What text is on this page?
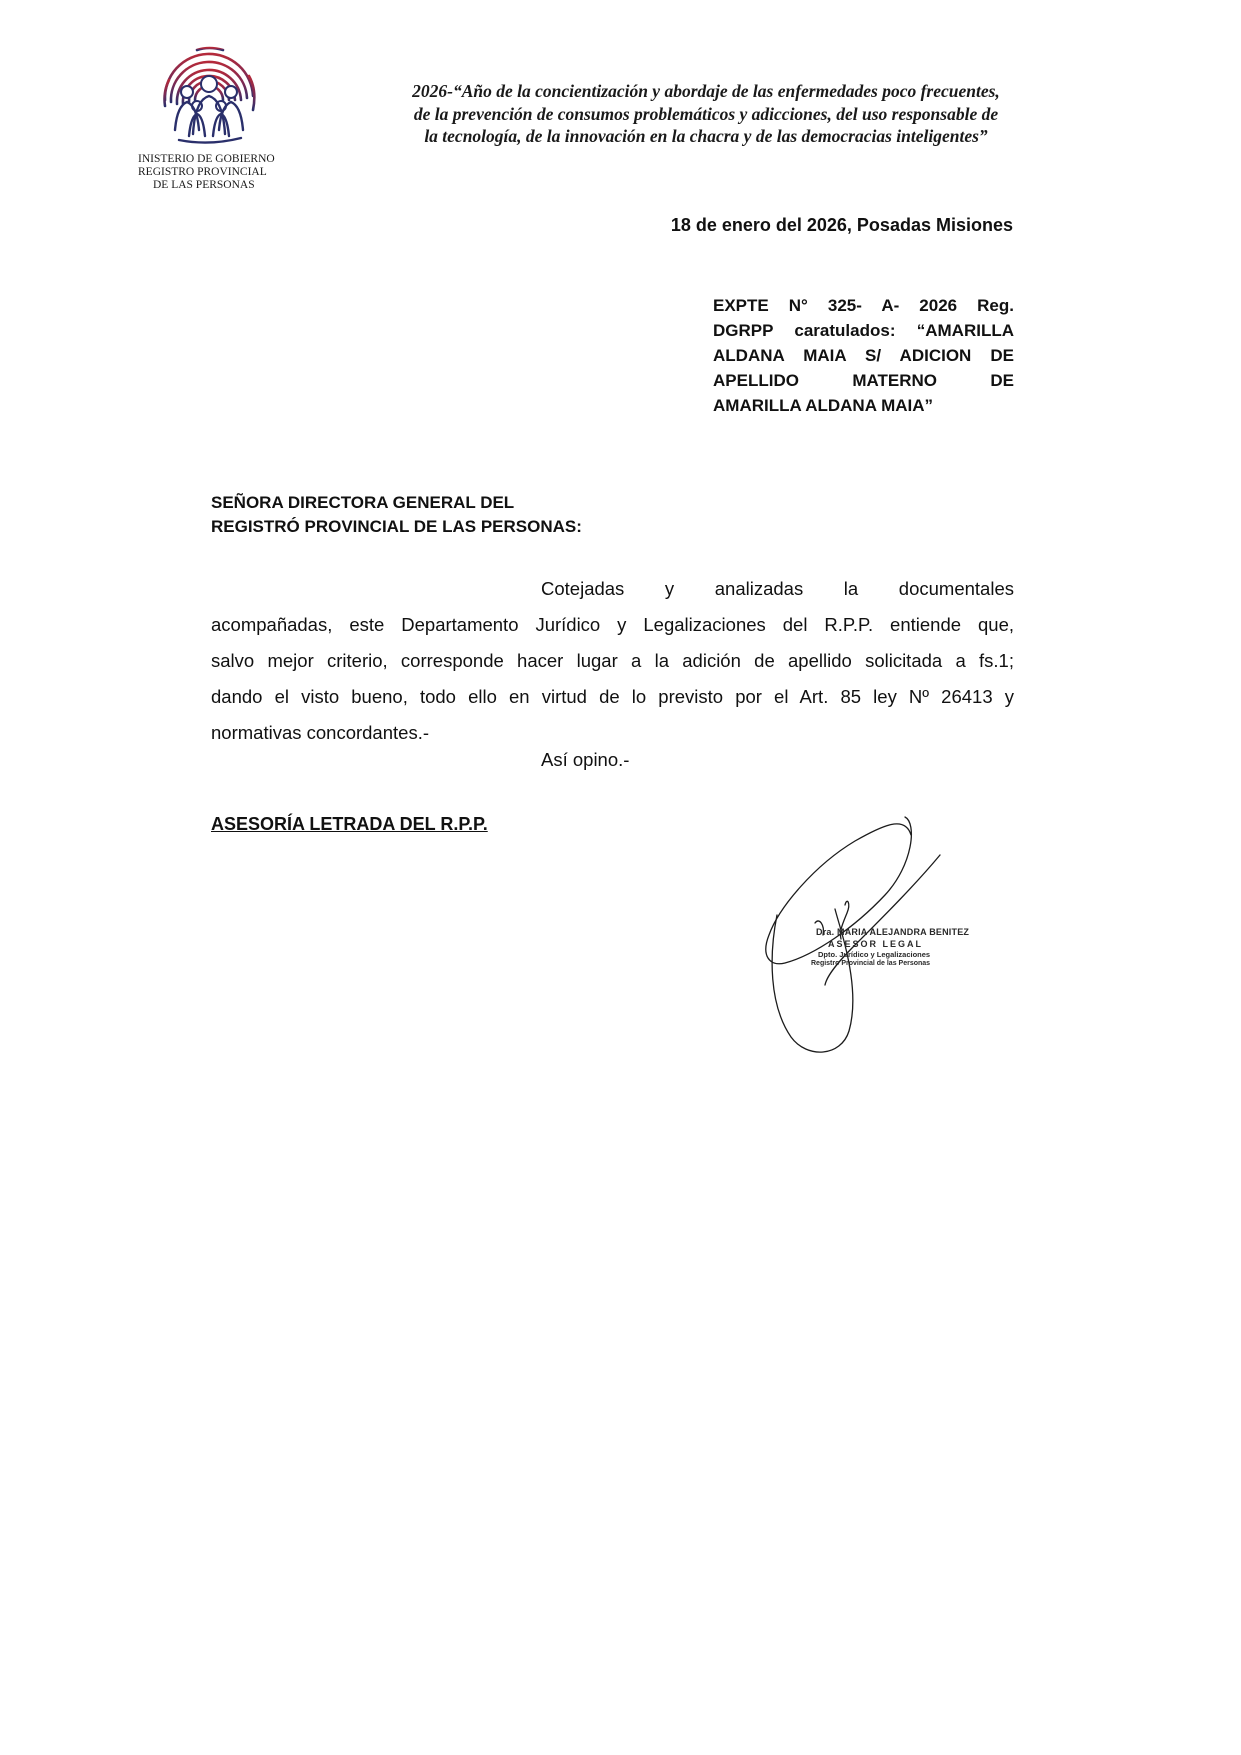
INISTERIO DE GOBIERNO
REGISTRO PROVINCIAL
DE LAS PERSONAS
2026-“Año de la concientización y abordaje de las enfermedades poco frecuentes,
de la prevención de consumos problemáticos y adicciones, del uso responsable de
la tecnología, de la innovación en la chacra y de las democracias inteligentes”
18 de enero del 2026, Posadas Misiones
EXPTE N° 325- A- 2026 Reg.
DGRPP caratulados: “AMARILLA
ALDANA MAIA S/ ADICION DE
APELLIDO MATERNO DE
AMARILLA ALDANA MAIA”
SEÑORA DIRECTORA GENERAL DEL
REGISTRÓ PROVINCIAL DE LAS PERSONAS:
Cotejadas y analizadas la documentales
acompañadas, este Departamento Jurídico y Legalizaciones del R.P.P. entiende que,
salvo mejor criterio, corresponde hacer lugar a la adición de apellido solicitada a fs.1;
dando el visto bueno, todo ello en virtud de lo previsto por el Art. 85 ley Nº 26413 y
normativas concordantes.-
Así opino.-
ASESORÍA LETRADA DEL R.P.P.
Dra. MARIA ALEJANDRA BENITEZ
ASESOR LEGAL
Dpto. Jurídico y Legalizaciones
Registro Provincial de las Personas
